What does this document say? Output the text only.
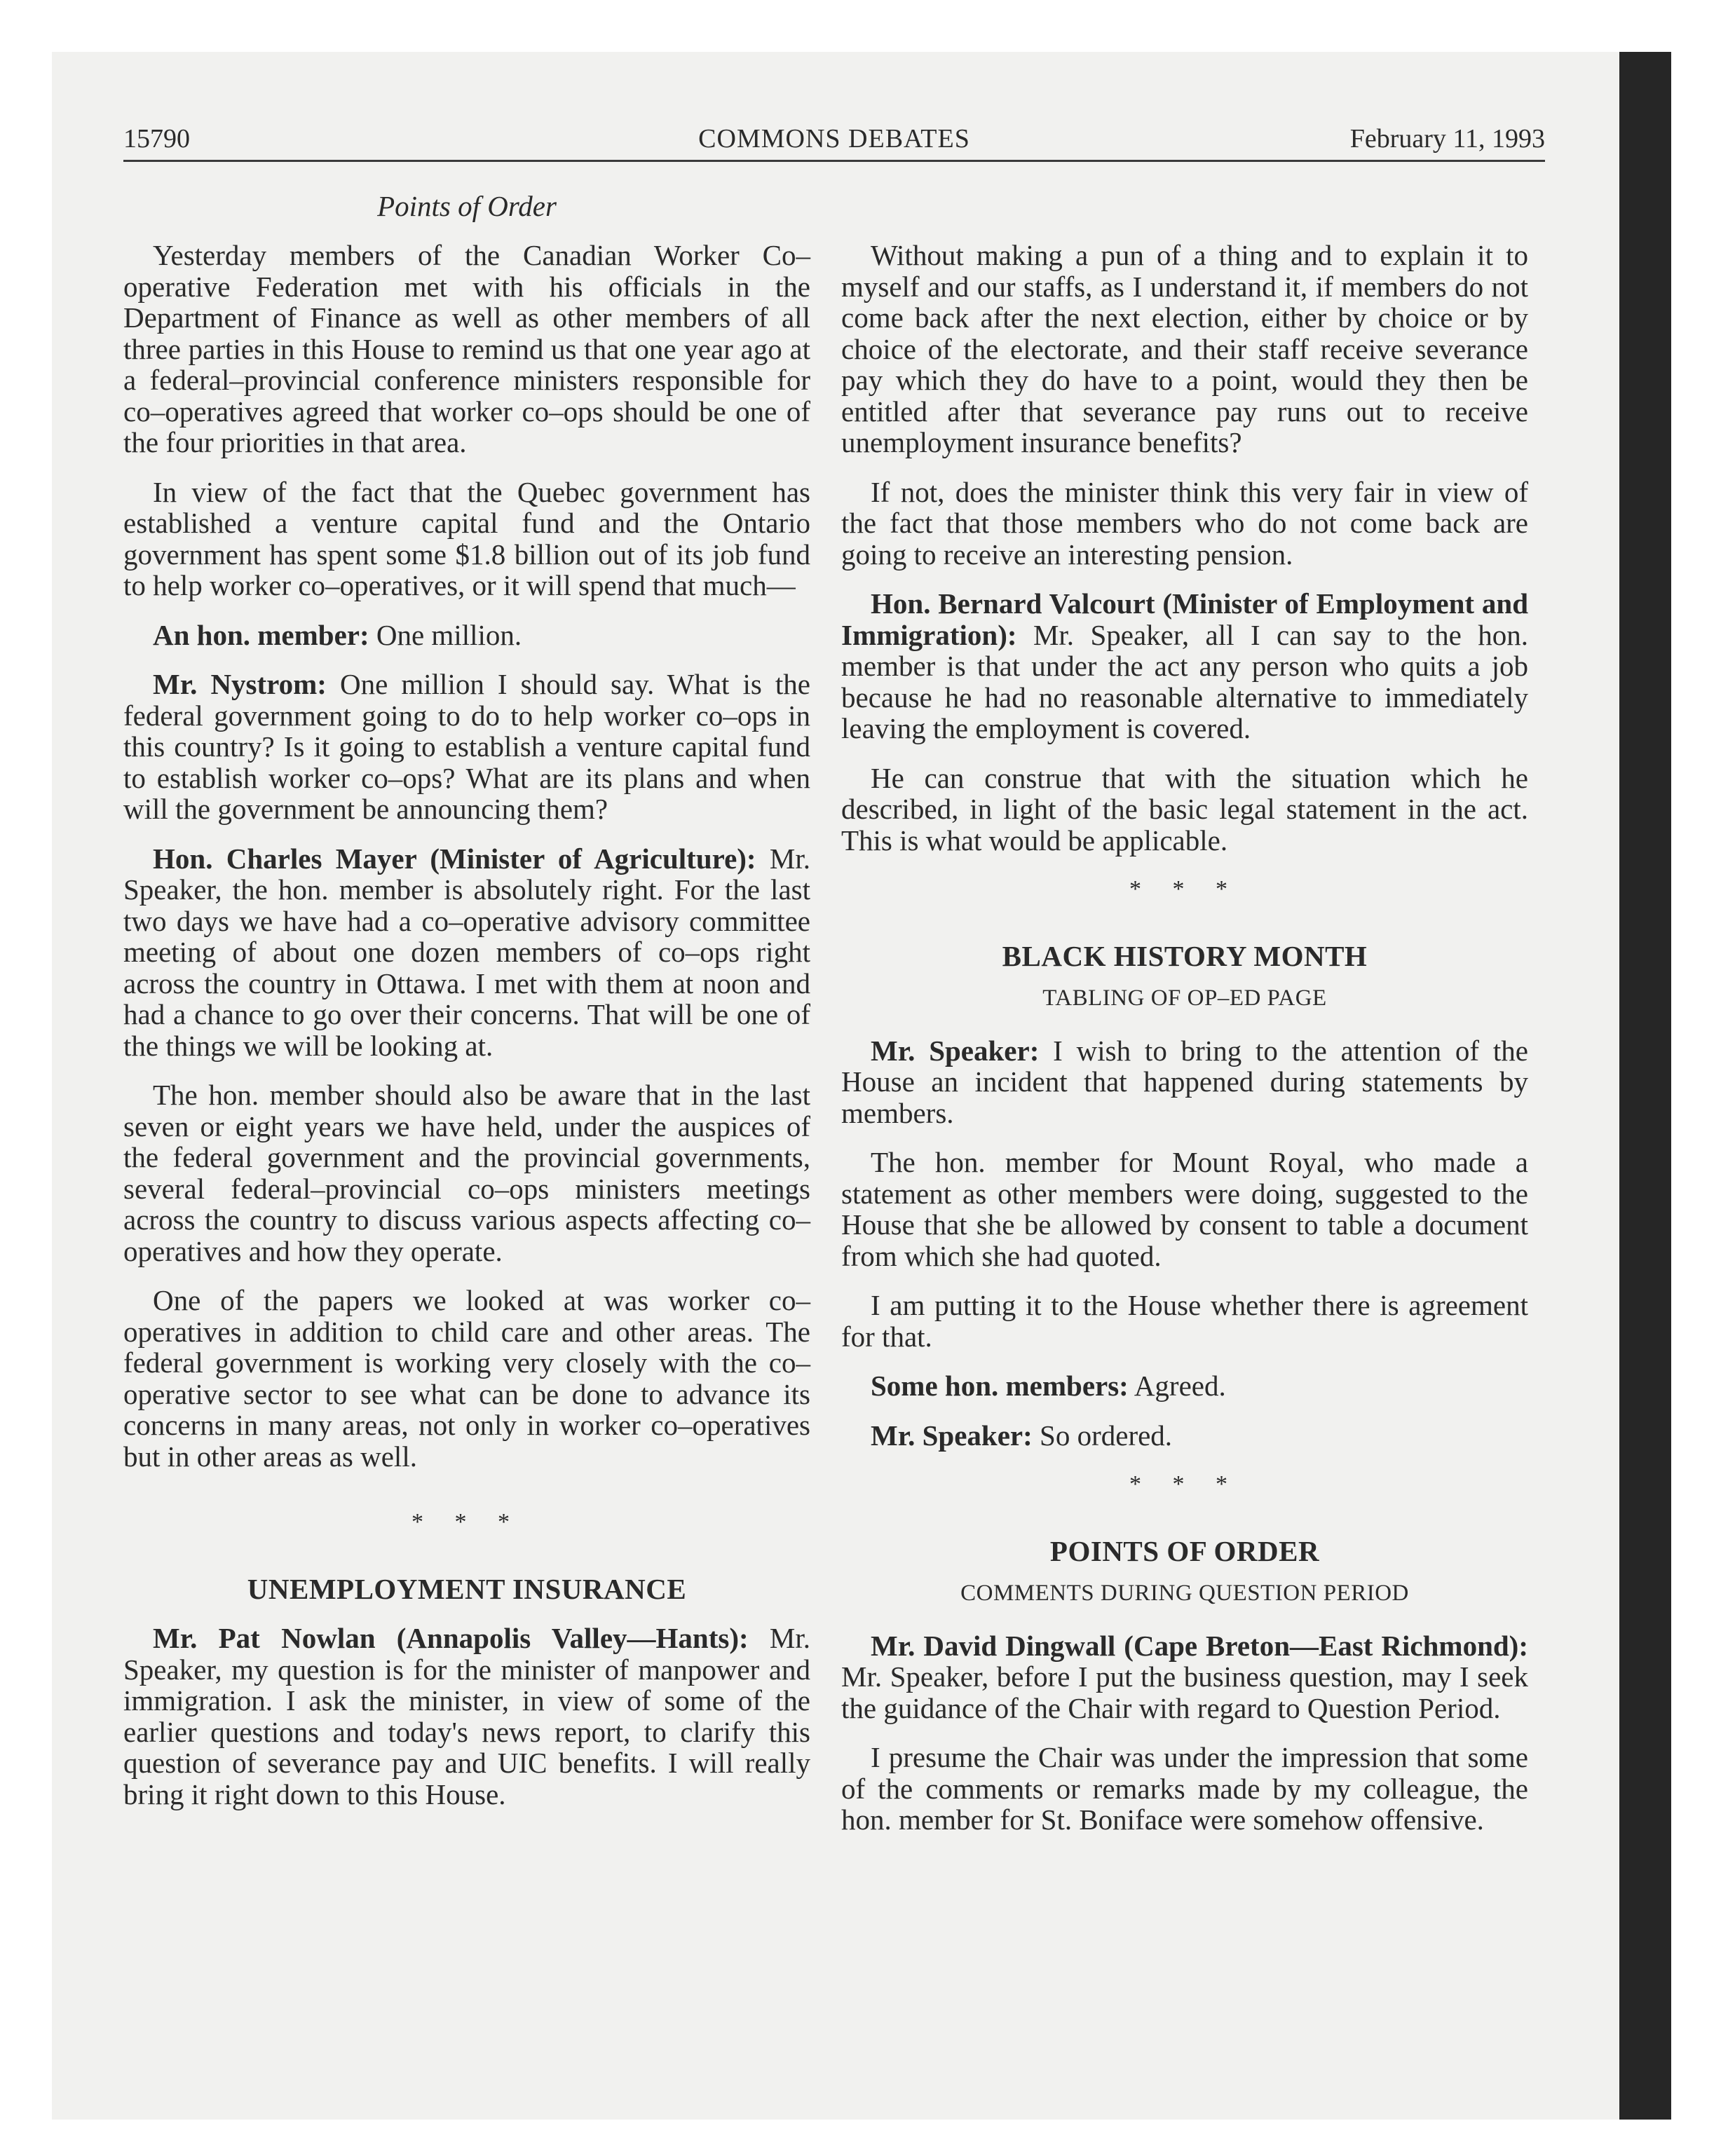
15790	COMMONS DEBATES	February 11, 1993
Points of Order

Yesterday members of the Canadian Worker Co–operative Federation met with his officials in the Department of Finance as well as other members of all three parties in this House to remind us that one year ago at a federal–provincial conference ministers responsible for co–operatives agreed that worker co–ops should be one of the four priorities in that area.

In view of the fact that the Quebec government has established a venture capital fund and the Ontario government has spent some $1.8 billion out of its job fund to help worker co–operatives, or it will spend that much—

An hon. member: One million.

Mr. Nystrom: One million I should say. What is the federal government going to do to help worker co–ops in this country? Is it going to establish a venture capital fund to establish worker co–ops? What are its plans and when will the government be announcing them?

Hon. Charles Mayer (Minister of Agriculture): Mr. Speaker, the hon. member is absolutely right. For the last two days we have had a co–operative advisory committee meeting of about one dozen members of co–ops right across the country in Ottawa. I met with them at noon and had a chance to go over their concerns. That will be one of the things we will be looking at.

The hon. member should also be aware that in the last seven or eight years we have held, under the auspices of the federal government and the provincial governments, several federal–provincial co–ops ministers meetings across the country to discuss various aspects affecting co–operatives and how they operate.

One of the papers we looked at was worker co–operatives in addition to child care and other areas. The federal government is working very closely with the co–operative sector to see what can be done to advance its concerns in many areas, not only in worker co–operatives but in other areas as well.

* * *

UNEMPLOYMENT INSURANCE

Mr. Pat Nowlan (Annapolis Valley—Hants): Mr. Speaker, my question is for the minister of manpower and immigration. I ask the minister, in view of some of the earlier questions and today's news report, to clarify this question of severance pay and UIC benefits. I will really bring it right down to this House.

Without making a pun of a thing and to explain it to myself and our staffs, as I understand it, if members do not come back after the next election, either by choice or by choice of the electorate, and their staff receive severance pay which they do have to a point, would they then be entitled after that severance pay runs out to receive unemployment insurance benefits?

If not, does the minister think this very fair in view of the fact that those members who do not come back are going to receive an interesting pension.

Hon. Bernard Valcourt (Minister of Employment and Immigration): Mr. Speaker, all I can say to the hon. member is that under the act any person who quits a job because he had no reasonable alternative to immediately leaving the employment is covered.

He can construe that with the situation which he described, in light of the basic legal statement in the act. This is what would be applicable.

* * *

BLACK HISTORY MONTH
TABLING OF OP–ED PAGE

Mr. Speaker: I wish to bring to the attention of the House an incident that happened during statements by members.

The hon. member for Mount Royal, who made a statement as other members were doing, suggested to the House that she be allowed by consent to table a document from which she had quoted.

I am putting it to the House whether there is agreement for that.

Some hon. members: Agreed.

Mr. Speaker: So ordered.

* * *

POINTS OF ORDER
COMMENTS DURING QUESTION PERIOD

Mr. David Dingwall (Cape Breton—East Richmond): Mr. Speaker, before I put the business question, may I seek the guidance of the Chair with regard to Question Period.

I presume the Chair was under the impression that some of the comments or remarks made by my colleague, the hon. member for St. Boniface were somehow offensive.
